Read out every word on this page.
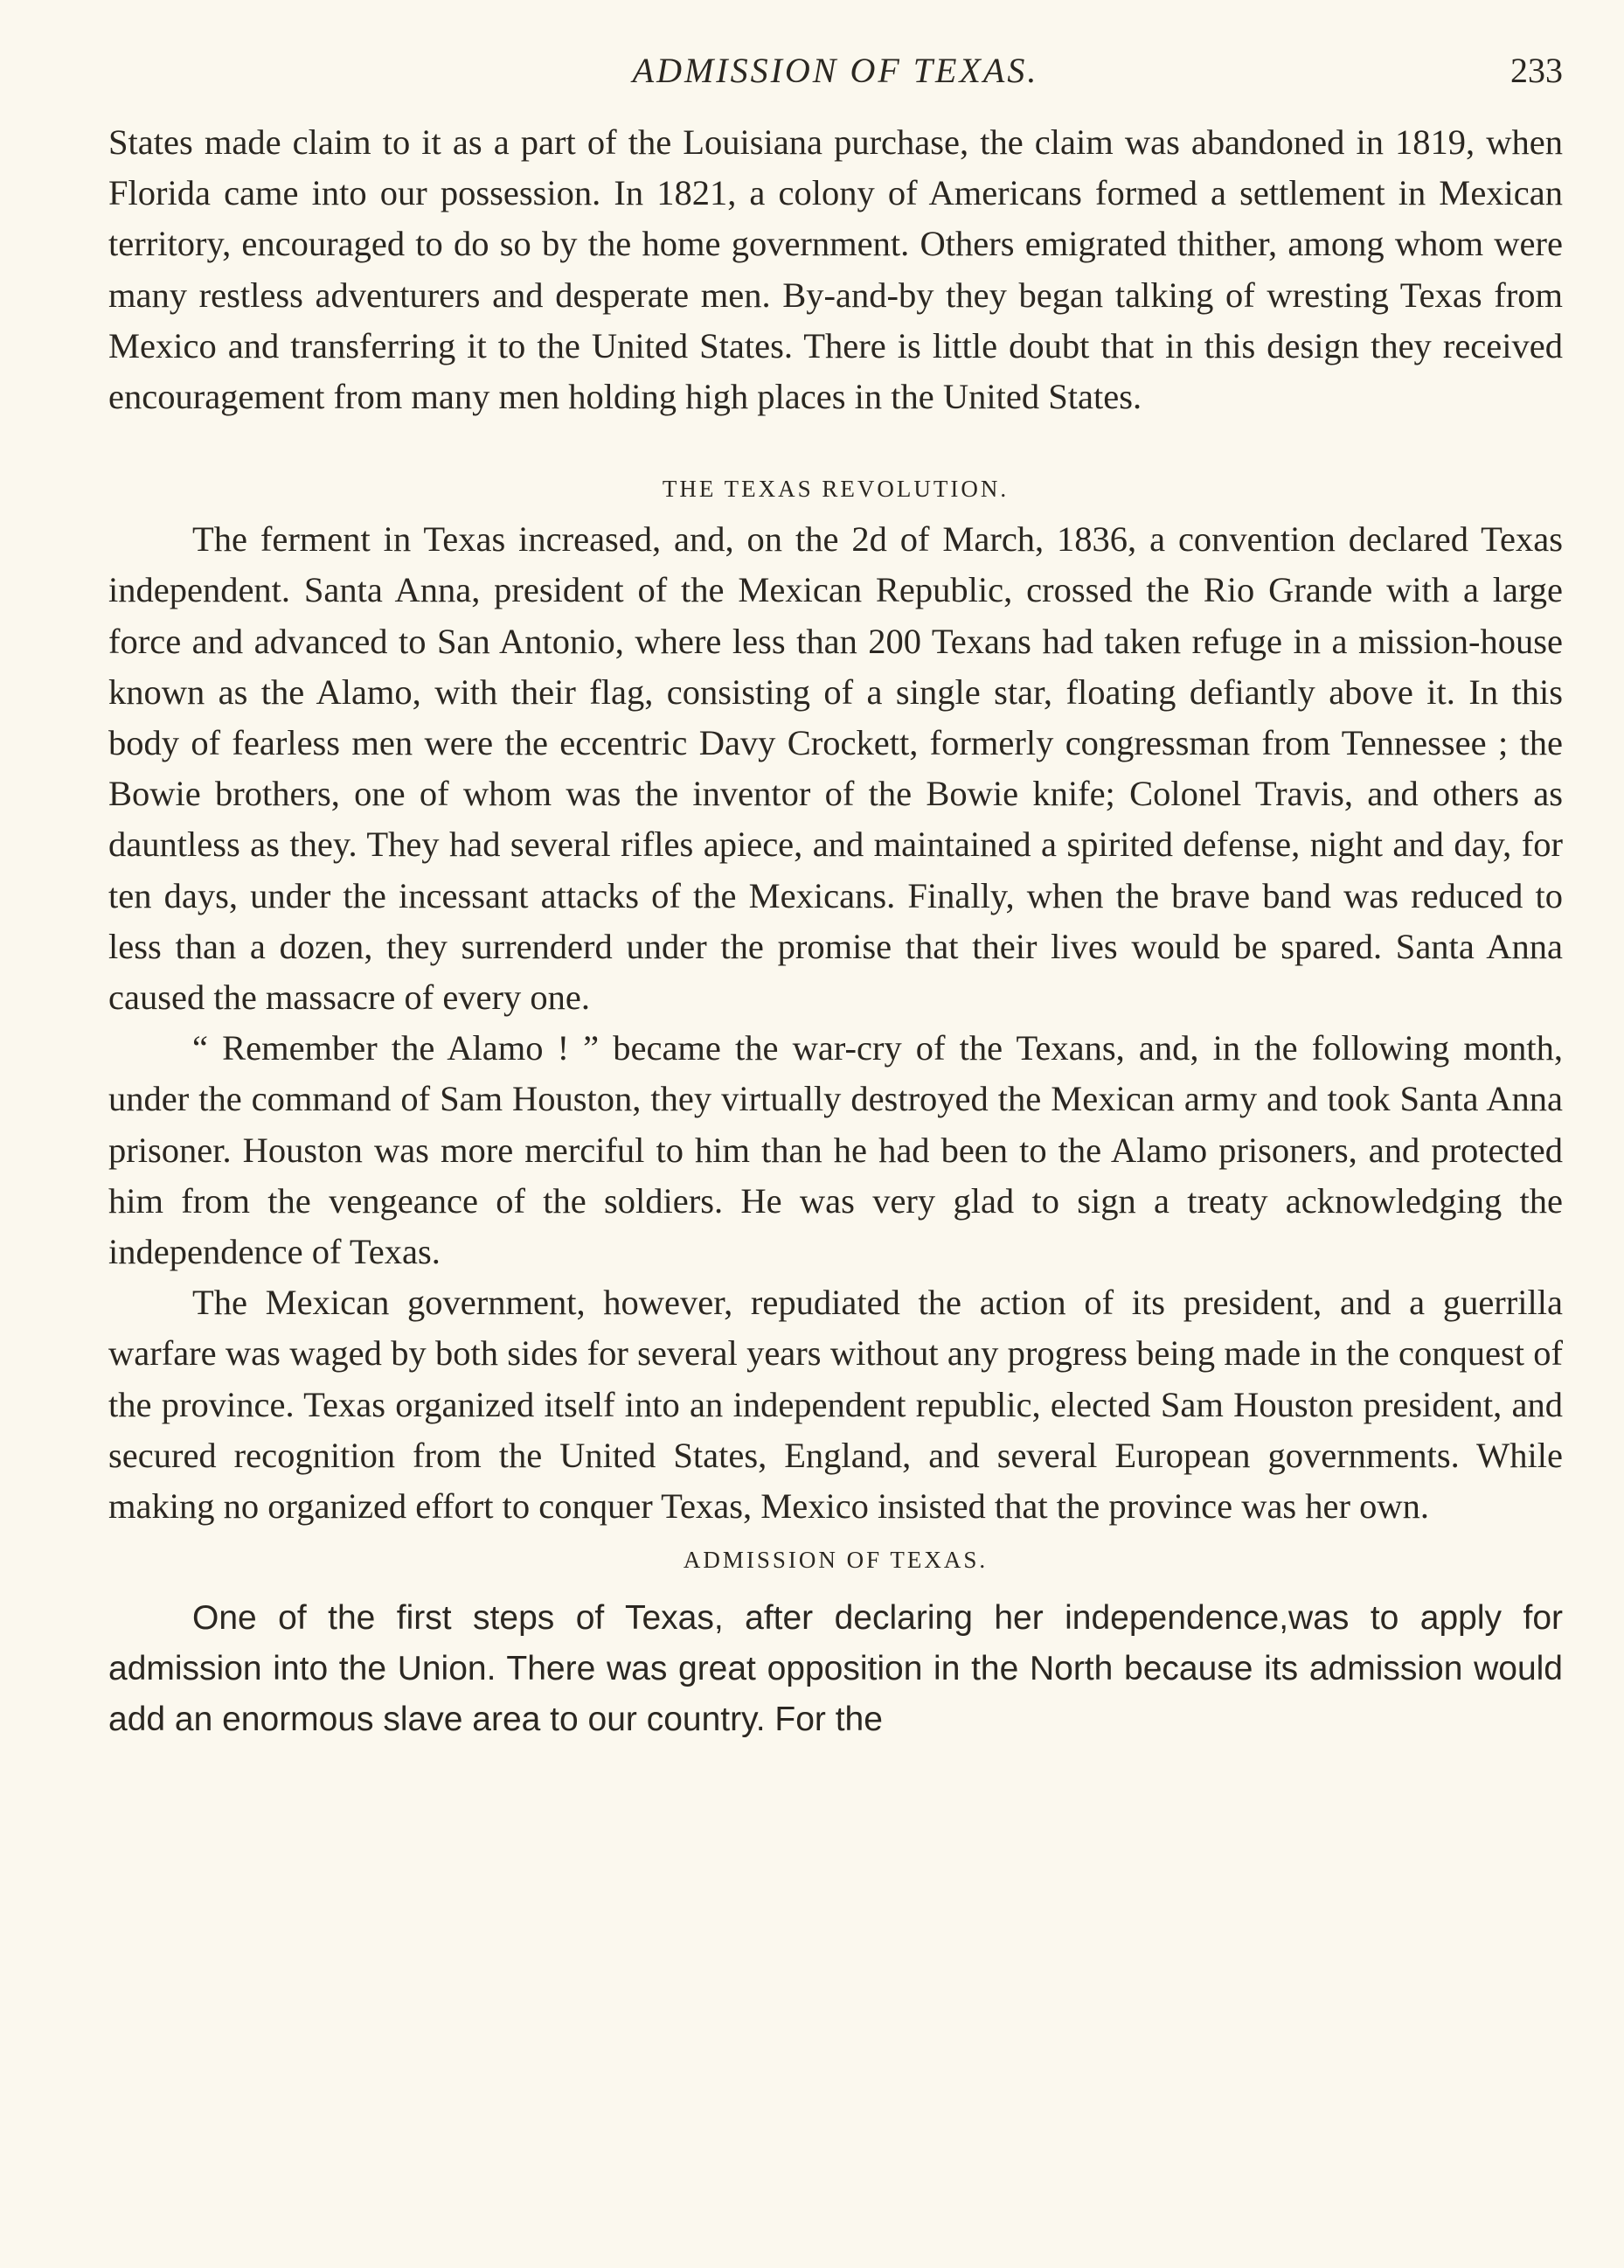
ADMISSION OF TEXAS.	233

States made claim to it as a part of the Louisiana purchase, the claim was abandoned in 1819, when Florida came into our possession. In 1821, a colony of Americans formed a settlement in Mexican territory, encouraged to do so by the home government. Others emigrated thither, among whom were many restless adventurers and desperate men. By-and-by they began talking of wresting Texas from Mexico and transferring it to the United States. There is little doubt that in this design they received encouragement from many men holding high places in the United States.

THE TEXAS REVOLUTION.

The ferment in Texas increased, and, on the 2d of March, 1836, a convention declared Texas independent. Santa Anna, president of the Mexican Republic, crossed the Rio Grande with a large force and advanced to San Antonio, where less than 200 Texans had taken refuge in a mission-house known as the Alamo, with their flag, consisting of a single star, floating defiantly above it. In this body of fearless men were the eccentric Davy Crockett, formerly congressman from Tennessee ; the Bowie brothers, one of whom was the inventor of the Bowie knife; Colonel Travis, and others as dauntless as they. They had several rifles apiece, and maintained a spirited defense, night and day, for ten days, under the incessant attacks of the Mexicans. Finally, when the brave band was reduced to less than a dozen, they surrenderd under the promise that their lives would be spared. Santa Anna caused the massacre of every one.

“ Remember the Alamo ! ” became the war-cry of the Texans, and, in the following month, under the command of Sam Houston, they virtually destroyed the Mexican army and took Santa Anna prisoner. Houston was more merciful to him than he had been to the Alamo prisoners, and protected him from the vengeance of the soldiers. He was very glad to sign a treaty acknowledging the independence of Texas.

The Mexican government, however, repudiated the action of its president, and a guerrilla warfare was waged by both sides for several years without any progress being made in the conquest of the province. Texas organized itself into an independent republic, elected Sam Houston president, and secured recognition from the United States, England, and several European governments. While making no organized effort to conquer Texas, Mexico insisted that the province was her own.

ADMISSION OF TEXAS.

One of the first steps of Texas, after declaring her independence,was to apply for admission into the Union. There was great opposition in the North because its admission would add an enormous slave area to our country. For the
